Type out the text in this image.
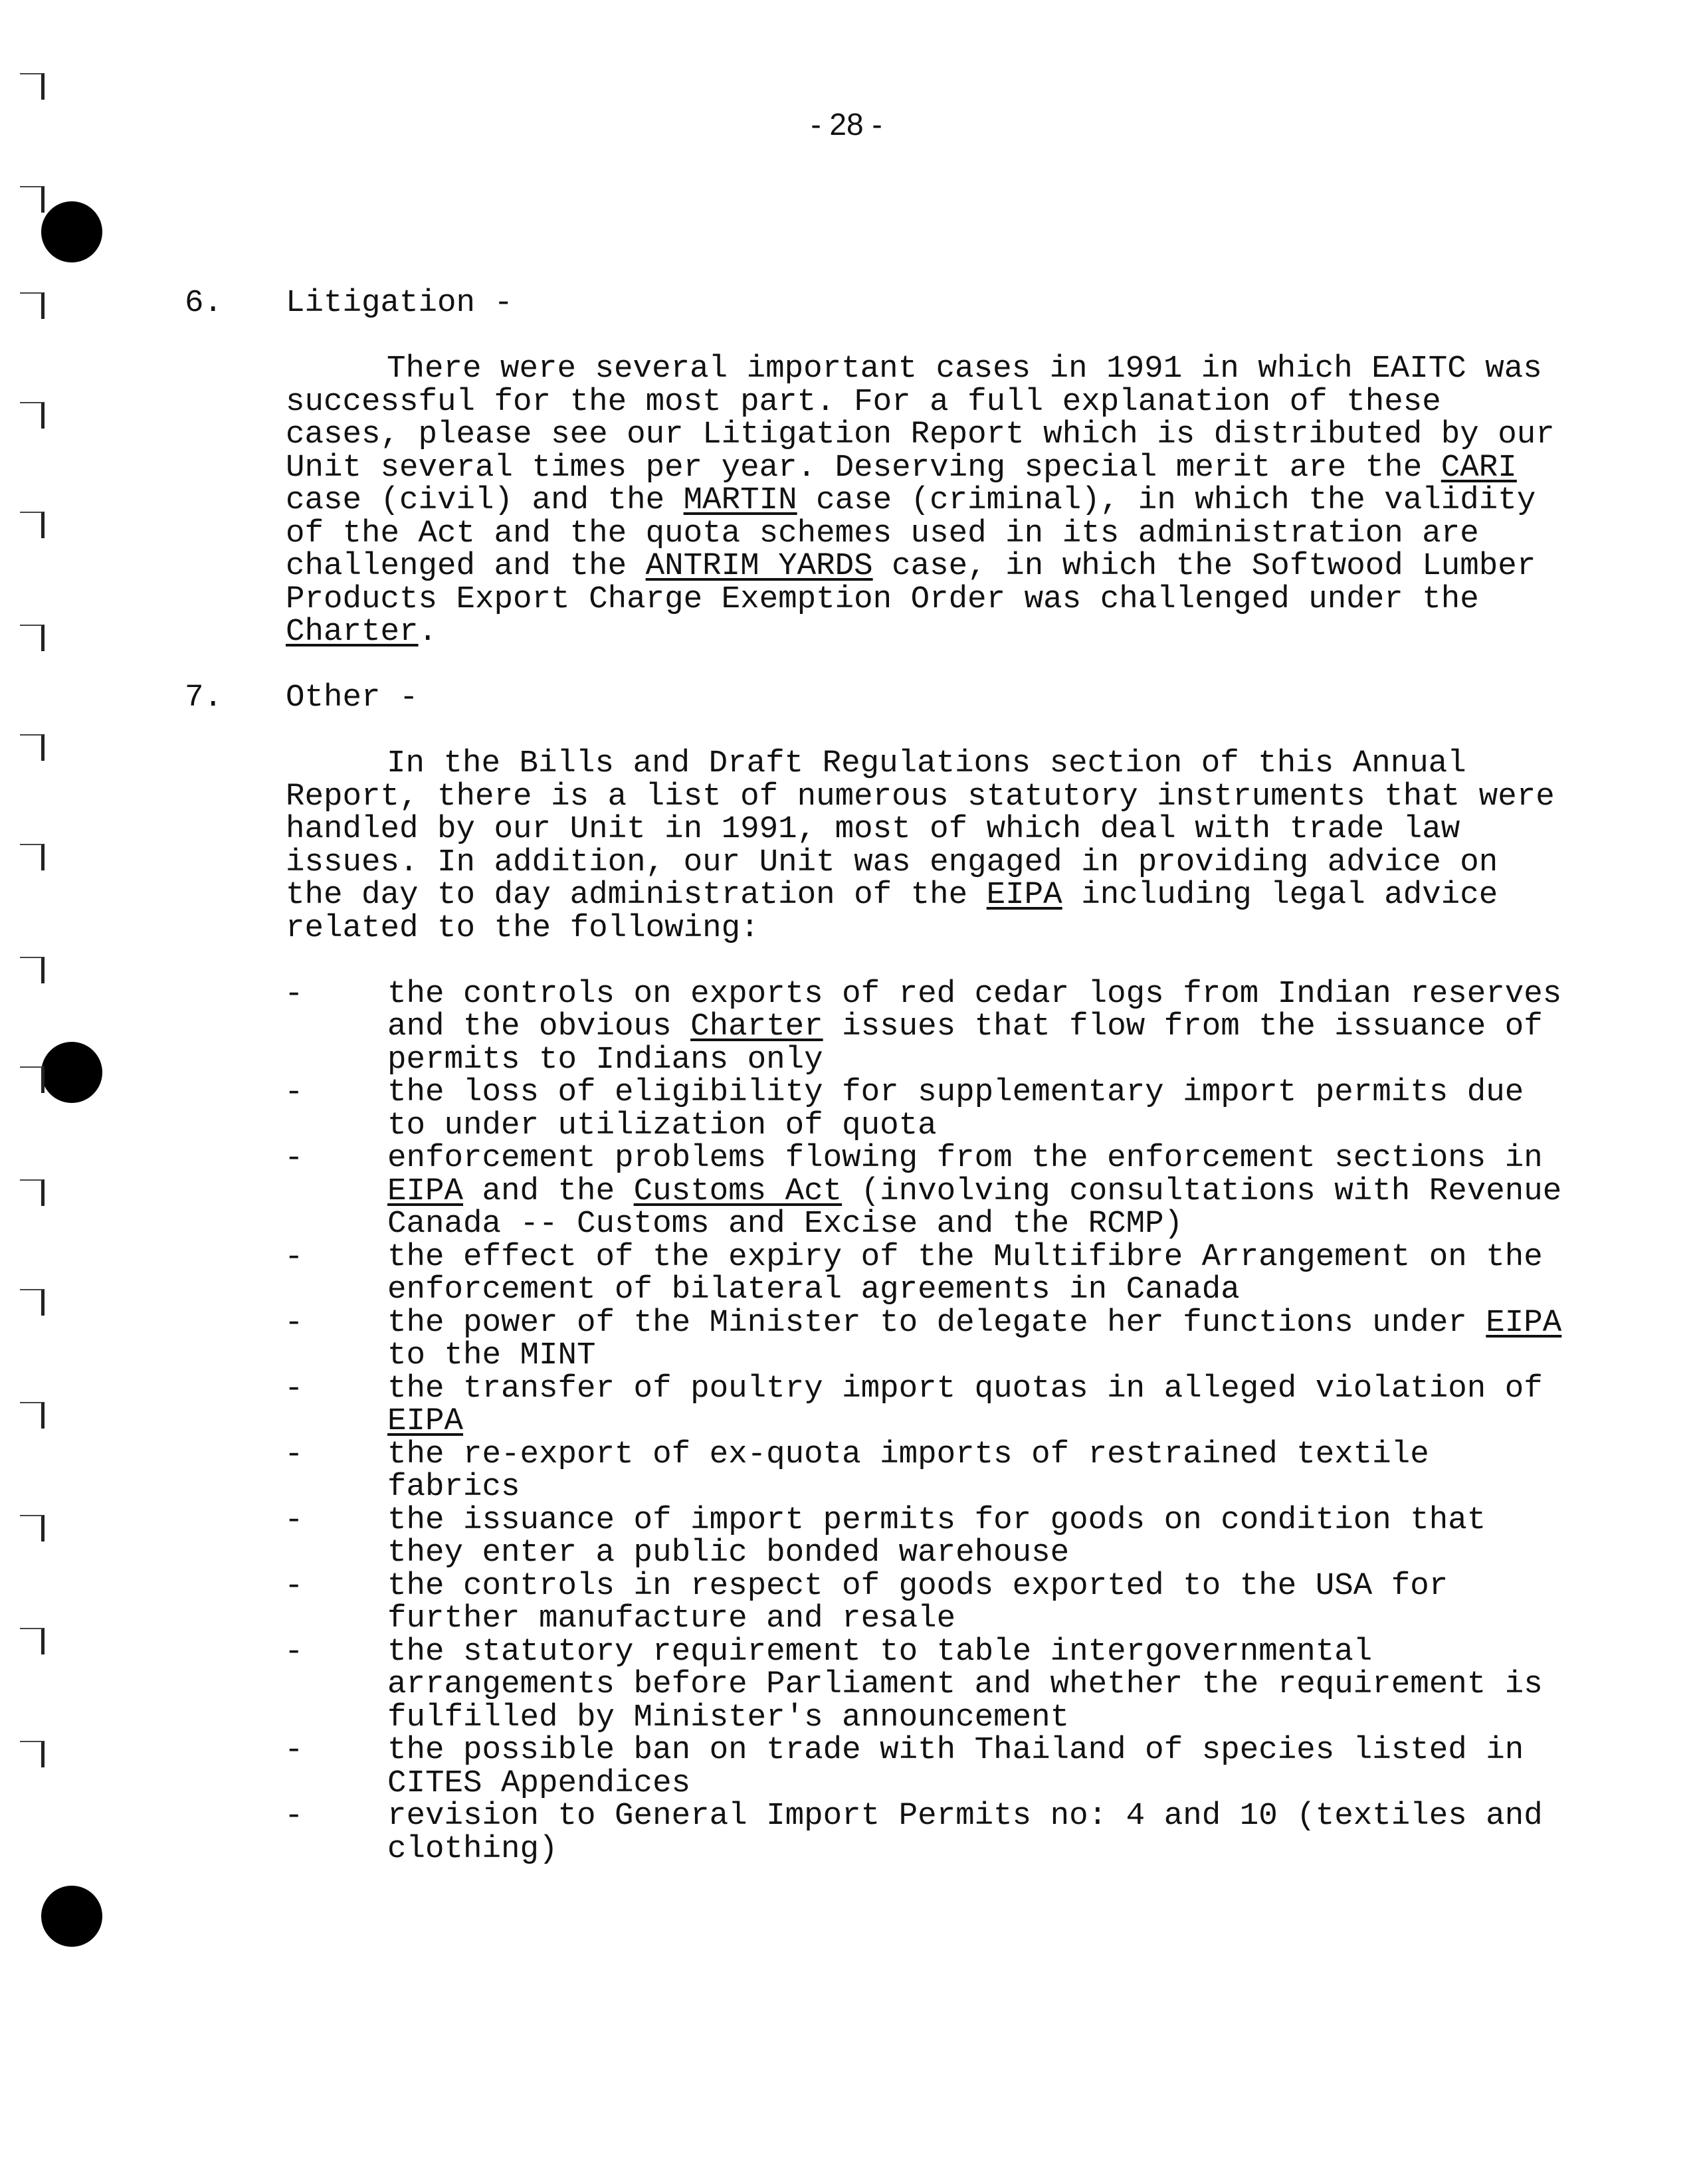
- 28 -
6.	Litigation -

There were several important cases in 1991 in which EAITC was successful for the most part. For a full explanation of these cases, please see our Litigation Report which is distributed by our Unit several times per year. Deserving special merit are the CARI case (civil) and the MARTIN case (criminal), in which the validity of the Act and the quota schemes used in its administration are challenged and the ANTRIM YARDS case, in which the Softwood Lumber Products Export Charge Exemption Order was challenged under the Charter.

7.	Other -

In the Bills and Draft Regulations section of this Annual Report, there is a list of numerous statutory instruments that were handled by our Unit in 1991, most of which deal with trade law issues. In addition, our Unit was engaged in providing advice on the day to day administration of the EIPA including legal advice related to the following:

-	the controls on exports of red cedar logs from Indian reserves and the obvious Charter issues that flow from the issuance of permits to Indians only
-	the loss of eligibility for supplementary import permits due to under utilization of quota
-	enforcement problems flowing from the enforcement sections in EIPA and the Customs Act (involving consultations with Revenue Canada -- Customs and Excise and the RCMP)
-	the effect of the expiry of the Multifibre Arrangement on the enforcement of bilateral agreements in Canada
-	the power of the Minister to delegate her functions under EIPA to the MINT
-	the transfer of poultry import quotas in alleged violation of EIPA
-	the re-export of ex-quota imports of restrained textile fabrics
-	the issuance of import permits for goods on condition that they enter a public bonded warehouse
-	the controls in respect of goods exported to the USA for further manufacture and resale
-	the statutory requirement to table intergovernmental arrangements before Parliament and whether the requirement is fulfilled by Minister's announcement
-	the possible ban on trade with Thailand of species listed in CITES Appendices
-	revision to General Import Permits no: 4 and 10 (textiles and clothing)
